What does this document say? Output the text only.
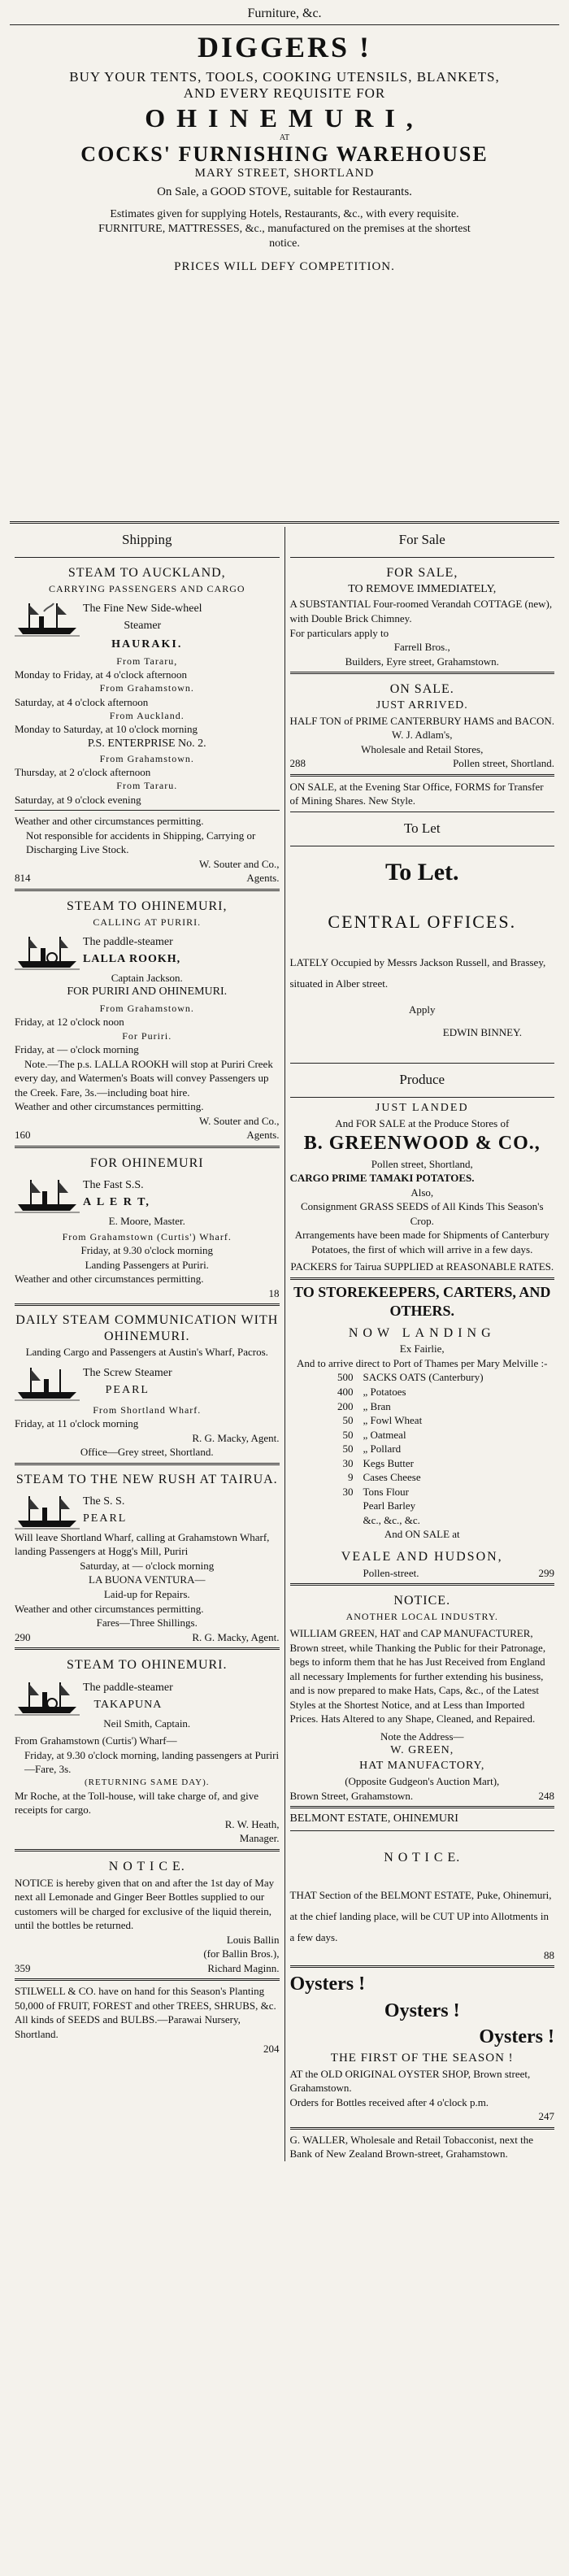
Furniture, &c.
DIGGERS !
BUY YOUR TENTS, TOOLS, COOKING UTENSILS, BLANKETS,
AND EVERY REQUISITE FOR
OHINEMURI,
AT
COCKS' FURNISHING WAREHOUSE
MARY STREET, SHORTLAND
On Sale, a GOOD STOVE, suitable for Restaurants.
Estimates given for supplying Hotels, Restaurants, &c., with every requisite.
FURNITURE, MATTRESSES, &c., manufactured on the premises at the shortest
notice.
PRICES WILL DEFY COMPETITION.
Shipping
STEAM TO AUCKLAND,
CARRYING PASSENGERS AND CARGO
The Fine New Side-wheel
Steamer
HAURAKI.
From Tararu,
Monday to Friday, at 4 o'clock afternoon
From Grahamstown.
Saturday, at 4 o'clock afternoon
From Auckland.
Monday to Saturday, at 10 o'clock morning
P.S. ENTERPRISE No. 2.
From Grahamstown.
Thursday, at 2 o'clock afternoon
From Tararu.
Saturday, at 9 o'clock evening
Weather and other circumstances permitting.
Not responsible for accidents in Shipping, Carrying or Discharging Live Stock.
W. Souter and Co.,
814	Agents.
STEAM TO OHINEMURI,
CALLING AT PURIRI.
The paddle-steamer
LALLA ROOKH,
Captain Jackson.
FOR PURIRI AND OHINEMURI.
From Grahamstown.
Friday, at 12 o'clock noon
For Puriri.
Friday, at — o'clock morning
Note.—The p.s. LALLA ROOKH will stop at Puriri Creek every day, and Watermen's Boats will convey Passengers up the Creek. Fare, 3s.—including boat hire.
Weather and other circumstances permitting.
W. Souter and Co.,
160	Agents.
FOR OHINEMURI
The Fast S.S.
A L E R T,
E. Moore, Master.
From Grahamstown (Curtis') Wharf.
Friday, at 9.30 o'clock morning
Landing Passengers at Puriri.
Weather and other circumstances permitting.
18
DAILY STEAM COMMUNICATION WITH OHINEMURI.
Landing Cargo and Passengers at Austin's Wharf, Pacros.
The Screw Steamer
PEARL
From Shortland Wharf.
Friday, at 11 o'clock morning
R. G. Macky, Agent.
Office—Grey street, Shortland.
STEAM TO THE NEW RUSH AT TAIRUA.
The S. S.
PEARL
Will leave Shortland Wharf, calling at Grahamstown Wharf, landing Passengers at Hogg's Mill, Puriri
Saturday, at — o'clock morning
LA BUONA VENTURA—
Laid-up for Repairs.
Weather and other circumstances permitting.
Fares—Three Shillings.
290	R. G. Macky, Agent.
STEAM TO OHINEMURI.
The paddle-steamer
TAKAPUNA
Neil Smith, Captain.
From Grahamstown (Curtis') Wharf—
Friday, at 9.30 o'clock morning, landing passengers at Puriri—Fare, 3s.
(RETURNING SAME DAY).
Mr Roche, at the Toll-house, will take charge of, and give receipts for cargo.
R. W. Heath,
Manager.
N O T I C E.
NOTICE is hereby given that on and after the 1st day of May next all Lemonade and Ginger Beer Bottles supplied to our customers will be charged for exclusive of the liquid therein, until the bottles be returned.
Louis Ballin
(for Ballin Bros.),
359	Richard Maginn.
STILWELL & CO. have on hand for this Season's Planting 50,000 of FRUIT, FOREST and other TREES, SHRUBS, &c. All kinds of SEEDS and BULBS.—Parawai Nursery, Shortland.
204
For Sale
FOR SALE,
TO REMOVE IMMEDIATELY,
A SUBSTANTIAL Four-roomed Verandah COTTAGE (new), with Double Brick Chimney.
For particulars apply to
Farrell Bros.,
Builders, Eyre street, Grahamstown.
ON SALE.
JUST ARRIVED.
HALF TON of PRIME CANTERBURY HAMS and BACON.
W. J. Adlam's,
Wholesale and Retail Stores,
288	Pollen street, Shortland.
ON SALE, at the Evening Star Office, FORMS for Transfer of Mining Shares. New Style.
To Let
To Let.
CENTRAL OFFICES.
LATELY Occupied by Messrs Jackson Russell, and Brassey, situated in Alber street.
Apply
EDWIN BINNEY.
Produce
JUST LANDED
And FOR SALE at the Produce Stores of
B. GREENWOOD & CO.,
Pollen street, Shortland,
CARGO PRIME TAMAKI POTATOES.
Also,
Consignment GRASS SEEDS of All Kinds This Season's Crop.
Arrangements have been made for Shipments of Canterbury Potatoes, the first of which will arrive in a few days.
PACKERS for Tairua SUPPLIED at REASONABLE RATES.
TO STOREKEEPERS, CARTERS, AND OTHERS.
NOW LANDING
Ex Fairlie,
And to arrive direct to Port of Thames per Mary Melville :-
500 SACKS OATS (Canterbury)
400 „ Potatoes
200 „ Bran
50 „ Fowl Wheat
50 „ Oatmeal
50 „ Pollard
30 Kegs Butter
9 Cases Cheese
30 Tons Flour
Pearl Barley
&c., &c., &c.
And ON SALE at
VEALE AND HUDSON,
Pollen-street.	299
NOTICE.
ANOTHER LOCAL INDUSTRY.
WILLIAM GREEN, HAT and CAP MANUFACTURER, Brown street, while Thanking the Public for their Patronage, begs to inform them that he has Just Received from England all necessary Implements for further extending his business, and is now prepared to make Hats, Caps, &c., of the Latest Styles at the Shortest Notice, and at Less than Imported Prices. Hats Altered to any Shape, Cleaned, and Repaired.
Note the Address—
W. GREEN,
HAT MANUFACTORY,
(Opposite Gudgeon's Auction Mart),
Brown Street, Grahamstown.	248
BELMONT ESTATE, OHINEMURI
N O T I C E.
THAT Section of the BELMONT ESTATE, Puke, Ohinemuri, at the chief landing place, will be CUT UP into Allotments in a few days.
88
Oysters !
Oysters !
Oysters !
THE FIRST OF THE SEASON !
AT the OLD ORIGINAL OYSTER SHOP, Brown street, Grahamstown.
Orders for Bottles received after 4 o'clock p.m.
247
G. WALLER, Wholesale and Retail Tobacconist, next the Bank of New Zealand Brown-street, Grahamstown.
